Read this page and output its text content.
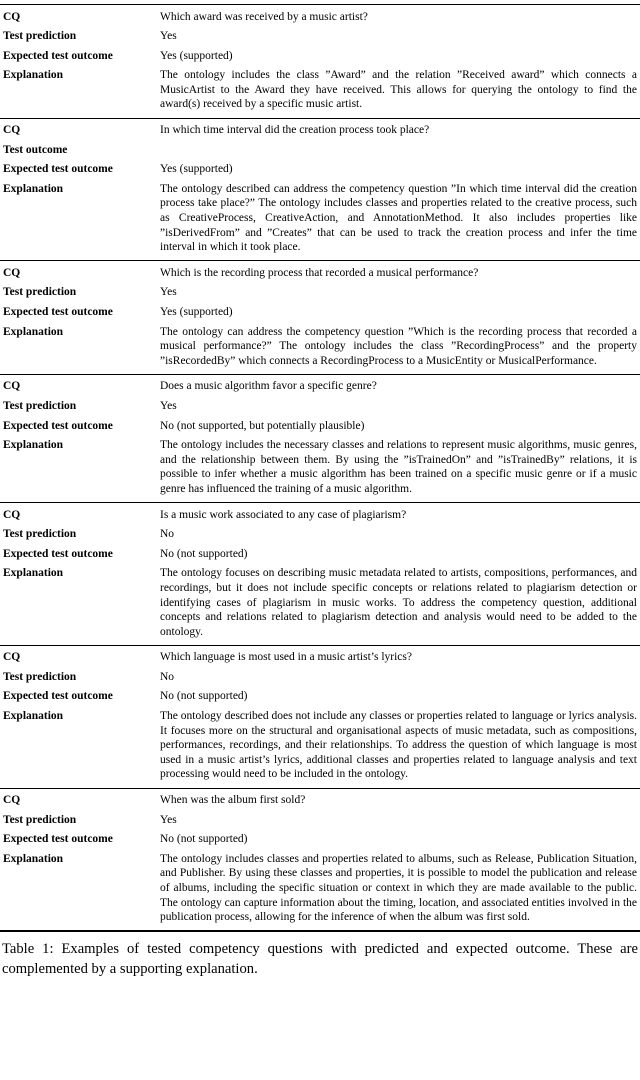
CQ	Which award was received by a music artist?
Test prediction	Yes
Expected test outcome	Yes (supported)
Explanation	The ontology includes the class ”Award” and the relation ”Received award” which connects a MusicArtist to the Award they have received. This allows for querying the ontology to find the award(s) received by a specific music artist.
CQ	In which time interval did the creation process took place?
Test outcome
Expected test outcome	Yes (supported)
Explanation	The ontology described can address the competency question ”In which time interval did the creation process take place?” The ontology includes classes and properties related to the creative process, such as CreativeProcess, CreativeAction, and AnnotationMethod. It also includes properties like ”isDerivedFrom” and ”Creates” that can be used to track the creation process and infer the time interval in which it took place.
CQ	Which is the recording process that recorded a musical performance?
Test prediction	Yes
Expected test outcome	Yes (supported)
Explanation	The ontology can address the competency question ”Which is the recording process that recorded a musical performance?” The ontology includes the class ”RecordingProcess” and the property ”isRecordedBy” which connects a RecordingProcess to a MusicEntity or MusicalPerformance.
CQ	Does a music algorithm favor a specific genre?
Test prediction	Yes
Expected test outcome	No (not supported, but potentially plausible)
Explanation	The ontology includes the necessary classes and relations to represent music algorithms, music genres, and the relationship between them. By using the ”isTrainedOn” and ”isTrainedBy” relations, it is possible to infer whether a music algorithm has been trained on a specific music genre or if a music genre has influenced the training of a music algorithm.
CQ	Is a music work associated to any case of plagiarism?
Test prediction	No
Expected test outcome	No (not supported)
Explanation	The ontology focuses on describing music metadata related to artists, compositions, performances, and recordings, but it does not include specific concepts or relations related to plagiarism detection or identifying cases of plagiarism in music works. To address the competency question, additional concepts and relations related to plagiarism detection and analysis would need to be added to the ontology.
CQ	Which language is most used in a music artist’s lyrics?
Test prediction	No
Expected test outcome	No (not supported)
Explanation	The ontology described does not include any classes or properties related to language or lyrics analysis. It focuses more on the structural and organisational aspects of music metadata, such as compositions, performances, recordings, and their relationships. To address the question of which language is most used in a music artist’s lyrics, additional classes and properties related to language analysis and text processing would need to be included in the ontology.
CQ	When was the album first sold?
Test prediction	Yes
Expected test outcome	No (not supported)
Explanation	The ontology includes classes and properties related to albums, such as Release, Publication Situation, and Publisher. By using these classes and properties, it is possible to model the publication and release of albums, including the specific situation or context in which they are made available to the public. The ontology can capture information about the timing, location, and associated entities involved in the publication process, allowing for the inference of when the album was first sold.
Table 1: Examples of tested competency questions with predicted and expected outcome. These are complemented by a supporting explanation.
